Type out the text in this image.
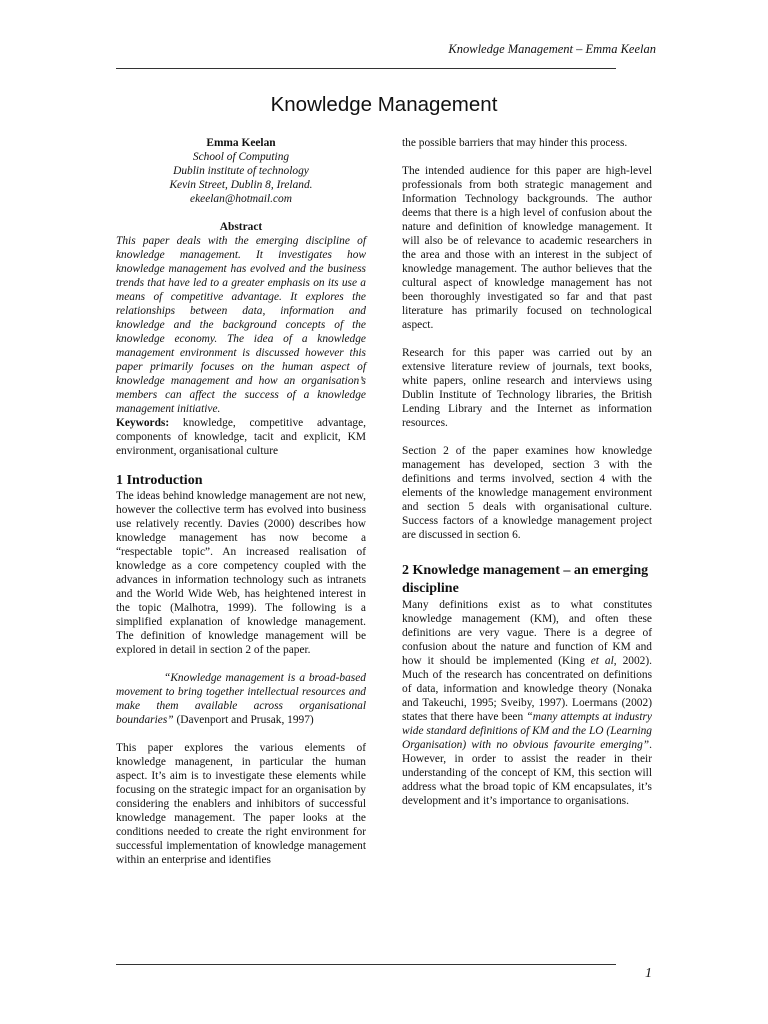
Knowledge Management – Emma Keelan
Knowledge Management

Emma Keelan

School of Computing

Dublin institute of technology

Kevin Street, Dublin 8, Ireland.

ekeelan@hotmail.com

Abstract

This paper deals with the emerging discipline of knowledge management. It investigates how knowledge management has evolved and the business trends that have led to a greater emphasis on its use a means of competitive advantage. It explores the relationships between data, information and knowledge and the background concepts of the knowledge economy. The idea of a knowledge management environment is discussed however this paper primarily focuses on the human aspect of knowledge management and how an organisation’s members can affect the success of a knowledge management initiative.

Keywords: knowledge, competitive advantage, components of knowledge, tacit and explicit, KM environment, organisational culture

1 Introduction

The ideas behind knowledge management are not new, however the collective term has evolved into business use relatively recently. Davies (2000) describes how knowledge management has now become a “respectable topic”. An increased realisation of knowledge as a core competency coupled with the advances in information technology such as intranets and the World Wide Web, has heightened interest in the topic (Malhotra, 1999). The following is a simplified explanation of knowledge management. The definition of knowledge management will be explored in detail in section 2 of the paper.

“Knowledge management is a broad-based movement to bring together intellectual resources and make them available across organisational boundaries” (Davenport and Prusak, 1997)

This paper explores the various elements of knowledge managenent, in particular the human aspect. It’s aim is to investigate these elements while focusing on the strategic impact for an organisation by considering the enablers and inhibitors of successful knowledge management. The paper looks at the conditions needed to create the right environment for successful implementation of knowledge management within an enterprise and identifies

the possible barriers that may hinder this process.

The intended audience for this paper are high-level professionals from both strategic management and Information Technology backgrounds. The author deems that there is a high level of confusion about the nature and definition of knowledge management. It will also be of relevance to academic researchers in the area and those with an interest in the subject of knowledge management. The author believes that the cultural aspect of knowledge management has not been thoroughly investigated so far and that past literature has primarily focused on technological aspect.

Research for this paper was carried out by an extensive literature review of journals, text books, white papers, online research and interviews using Dublin Institute of Technology libraries, the British Lending Library and the Internet as information resources.

Section 2 of the paper examines how knowledge management has developed, section 3 with the definitions and terms involved, section 4 with the elements of the knowledge management environment and section 5 deals with organisational culture. Success factors of a knowledge management project are discussed in section 6.

2 Knowledge management – an emerging discipline

Many definitions exist as to what constitutes knowledge management (KM), and often these definitions are very vague. There is a degree of confusion about the nature and function of KM and how it should be implemented (King et al, 2002). Much of the research has concentrated on definitions of data, information and knowledge theory (Nonaka and Takeuchi, 1995; Sveiby, 1997). Loermans (2002) states that there have been “many attempts at industry wide standard definitions of KM and the LO (Learning Organisation) with no obvious favourite emerging”. However, in order to assist the reader in their understanding of the concept of KM, this section will address what the broad topic of KM encapsulates, it’s development and it’s importance to organisations.

1
